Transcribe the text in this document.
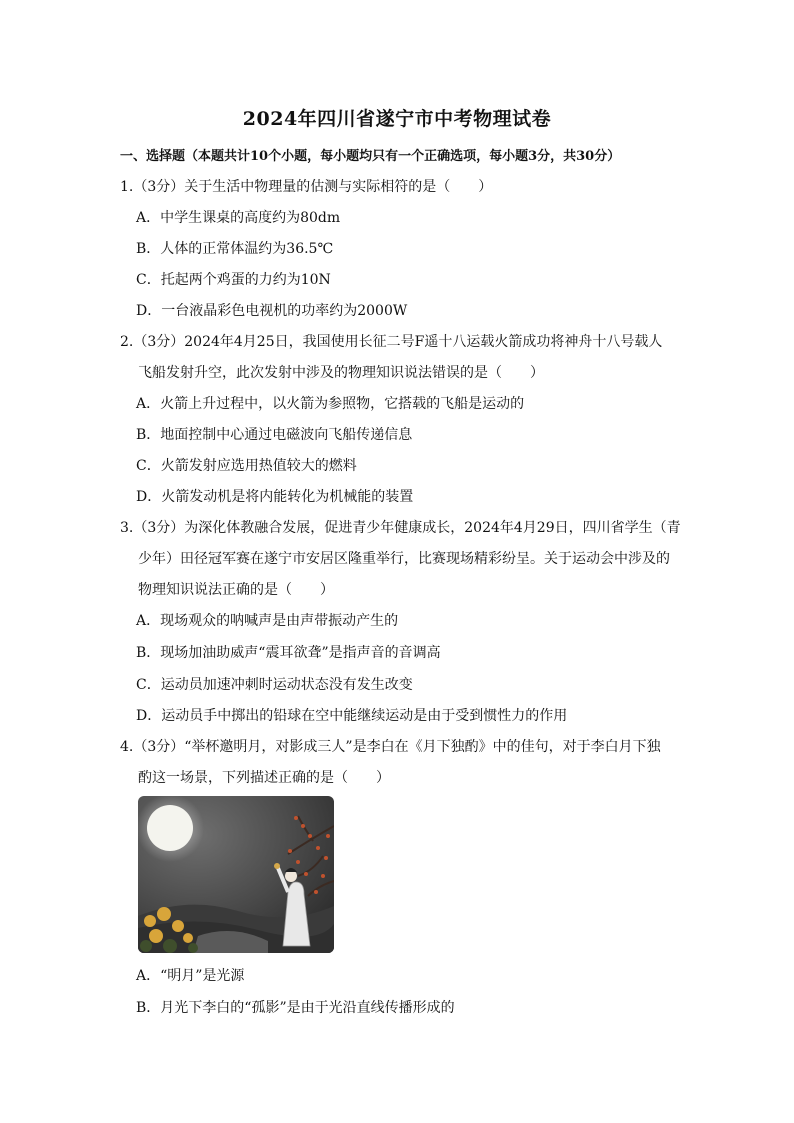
2024年四川省遂宁市中考物理试卷
一、选择题（本题共计10个小题，每小题均只有一个正确选项，每小题3分，共30分）
1.（3分）关于生活中物理量的估测与实际相符的是（　　）
A．中学生课桌的高度约为80dm
B．人体的正常体温约为36.5℃
C．托起两个鸡蛋的力约为10N
D．一台液晶彩色电视机的功率约为2000W
2.（3分）2024年4月25日，我国使用长征二号F遥十八运载火箭成功将神舟十八号载人
飞船发射升空，此次发射中涉及的物理知识说法错误的是（　　）
A．火箭上升过程中，以火箭为参照物，它搭载的飞船是运动的
B．地面控制中心通过电磁波向飞船传递信息
C．火箭发射应选用热值较大的燃料
D．火箭发动机是将内能转化为机械能的装置
3.（3分）为深化体教融合发展，促进青少年健康成长，2024年4月29日，四川省学生（青
少年）田径冠军赛在遂宁市安居区隆重举行，比赛现场精彩纷呈。关于运动会中涉及的
物理知识说法正确的是（　　）
A．现场观众的呐喊声是由声带振动产生的
B．现场加油助威声“震耳欲聋”是指声音的音调高
C．运动员加速冲刺时运动状态没有发生改变
D．运动员手中掷出的铅球在空中能继续运动是由于受到惯性力的作用
4.（3分）“举杯邀明月，对影成三人”是李白在《月下独酌》中的佳句，对于李白月下独
酌这一场景，下列描述正确的是（　　）
A．“明月”是光源
B．月光下李白的“孤影”是由于光沿直线传播形成的
